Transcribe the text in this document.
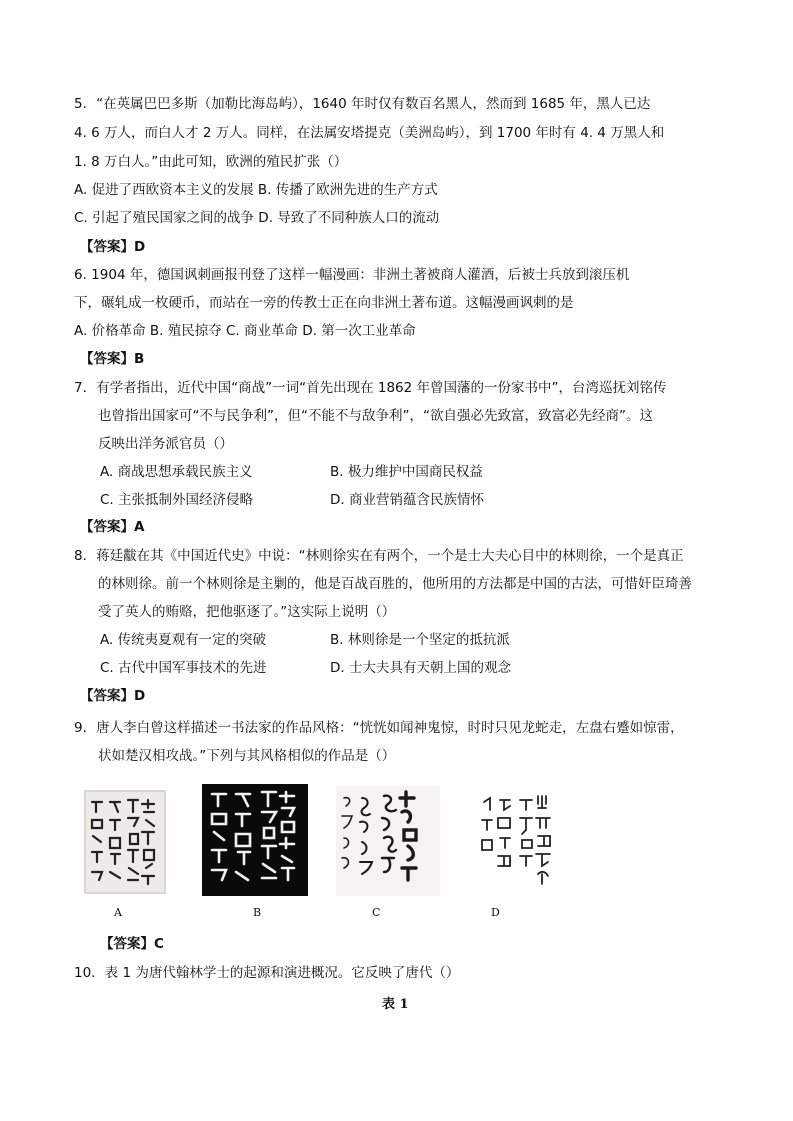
5．“在英属巴巴多斯（加勒比海岛屿），1640 年时仅有数百名黑人，然而到 1685 年，黑人已达
4. 6 万人，而白人才 2 万人。同样，在法属安塔提克（美洲岛屿），到 1700 年时有 4. 4 万黑人和
1. 8 万白人。”由此可知，欧洲的殖民扩张（）
A. 促进了西欧资本主义的发展 B. 传播了欧洲先进的生产方式
C. 引起了殖民国家之间的战争 D. 导致了不同种族人口的流动
【答案】D
6. 1904 年，德国讽刺画报刊登了这样一幅漫画：非洲土著被商人灌酒，后被士兵放到滚压机
下，碾轧成一枚硬币，而站在一旁的传教士正在向非洲土著布道。这幅漫画讽刺的是
A. 价格革命 B. 殖民掠夺 C. 商业革命 D. 第一次工业革命
【答案】B
7．有学者指出，近代中国“商战”一词“首先出现在 1862 年曾国藩的一份家书中”，台湾巡抚刘铭传
也曾指出国家可“不与民争利”，但“不能不与敌争利”，“欲自强必先致富，致富必先经商”。这
反映出洋务派官员（）
A. 商战思想承载民族主义	B. 极力维护中国商民权益
C. 主张抵制外国经济侵略	D. 商业营销蕴含民族情怀
【答案】A
8．蒋廷黻在其《中国近代史》中说：“林则徐实在有两个，一个是士大夫心目中的林则徐，一个是真正
的林则徐。前一个林则徐是主剿的，他是百战百胜的，他所用的方法都是中国的古法，可惜奸臣琦善
受了英人的贿赂，把他驱逐了。”这实际上说明（）
A. 传统夷夏观有一定的突破	B. 林则徐是一个坚定的抵抗派
C. 古代中国军事技术的先进	D. 士大夫具有天朝上国的观念
【答案】D
9．唐人李白曾这样描述一书法家的作品风格：“恍恍如闻神鬼惊，时时只见龙蛇走，左盘右蹙如惊雷，
状如楚汉相攻战。”下列与其风格相似的作品是（）
A	B	C	D
【答案】C
10．表 1 为唐代翰林学士的起源和演进概况。它反映了唐代（）
表 1
